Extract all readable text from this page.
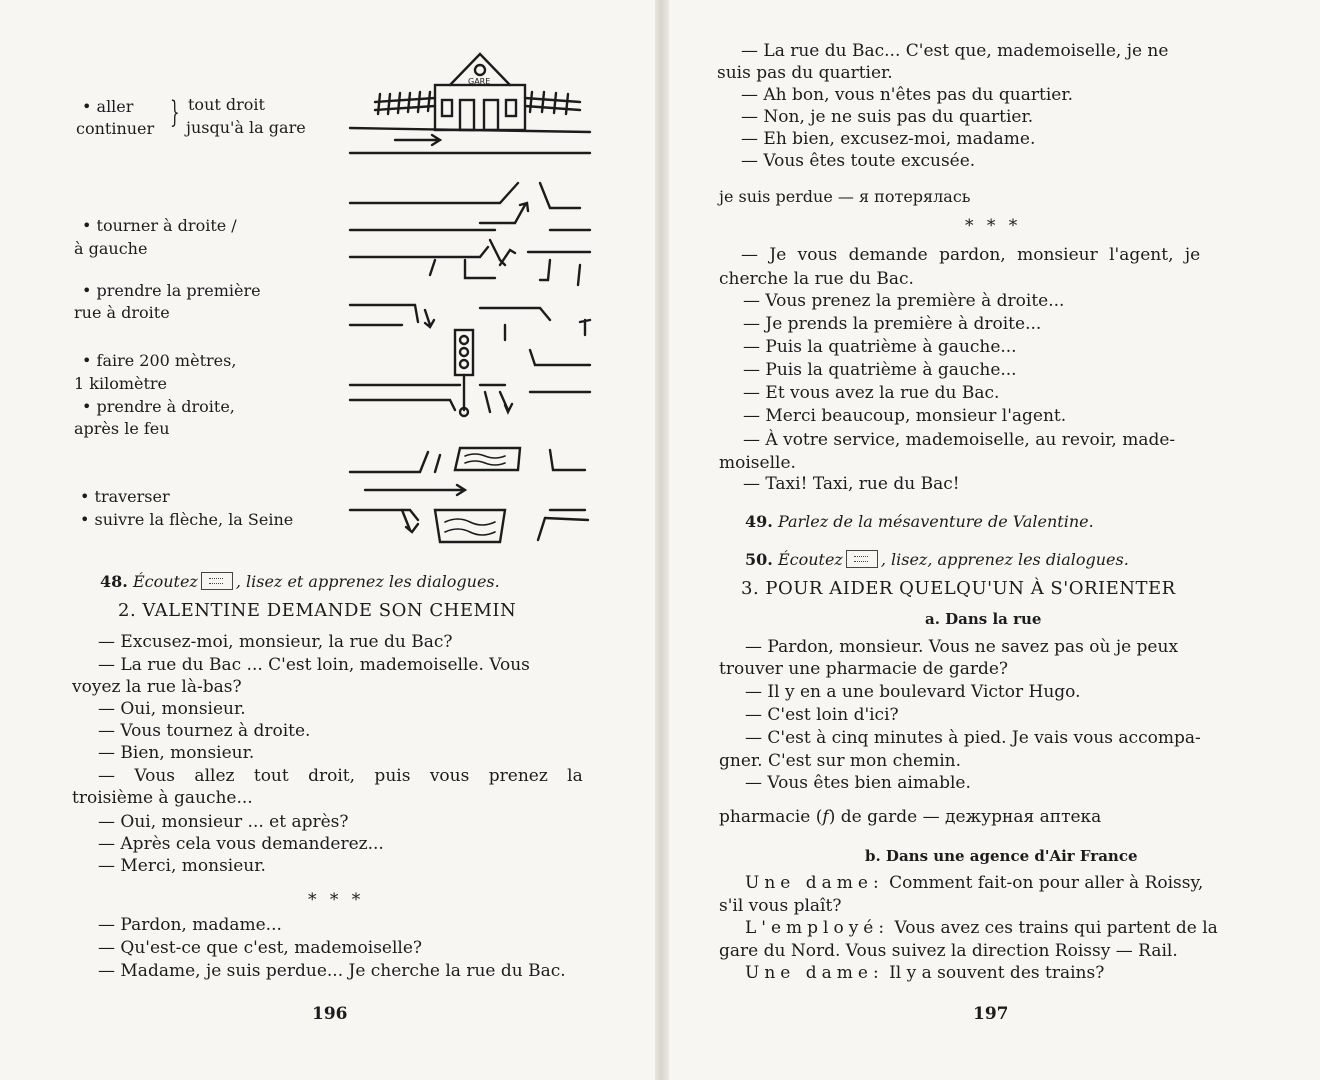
• aller
continuer } tout droit
jusqu'à la gare
• tourner à droite /
à gauche
• prendre la première
rue à droite
• faire 200 mètres,
1 kilomètre
• prendre à droite,
après le feu
• traverser
• suivre la flèche, la Seine
GARE
48. Écoutez , lisez et apprenez les dialogues.
2. VALENTINE DEMANDE SON CHEMIN
— Excusez-moi, monsieur, la rue du Bac?
— La rue du Bac ... C'est loin, mademoiselle. Vous
voyez la rue là-bas?
— Oui, monsieur.
— Vous tournez à droite.
— Bien, monsieur.
— Vous allez tout droit, puis vous prenez la
troisième à gauche...
— Oui, monsieur ... et après?
— Après cela vous demanderez...
— Merci, monsieur.
* * *
— Pardon, madame...
— Qu'est-ce que c'est, mademoiselle?
— Madame, je suis perdue... Je cherche la rue du Bac.
196
— La rue du Bac... C'est que, mademoiselle, je ne
suis pas du quartier.
— Ah bon, vous n'êtes pas du quartier.
— Non, je ne suis pas du quartier.
— Eh bien, excusez-moi, madame.
— Vous êtes toute excusée.
je suis perdue — я потерялась
* * *
— Je vous demande pardon, monsieur l'agent, je
cherche la rue du Bac.
— Vous prenez la première à droite...
— Je prends la première à droite...
— Puis la quatrième à gauche...
— Puis la quatrième à gauche...
— Et vous avez la rue du Bac.
— Merci beaucoup, monsieur l'agent.
— À votre service, mademoiselle, au revoir, made-
moiselle.
— Taxi! Taxi, rue du Bac!
49. Parlez de la mésaventure de Valentine.
50. Écoutez , lisez, apprenez les dialogues.
3. POUR AIDER QUELQU'UN À S'ORIENTER
a. Dans la rue
— Pardon, monsieur. Vous ne savez pas où je peux
trouver une pharmacie de garde?
— Il y en a une boulevard Victor Hugo.
— C'est loin d'ici?
— C'est à cinq minutes à pied. Je vais vous accompa-
gner. C'est sur mon chemin.
— Vous êtes bien aimable.
pharmacie (f) de garde — дежурная аптека
b. Dans une agence d'Air France
Une dame: Comment fait-on pour aller à Roissy,
s'il vous plaît?
L'employé: Vous avez ces trains qui partent de la
gare du Nord. Vous suivez la direction Roissy — Rail.
Une dame: Il y a souvent des trains?
197
